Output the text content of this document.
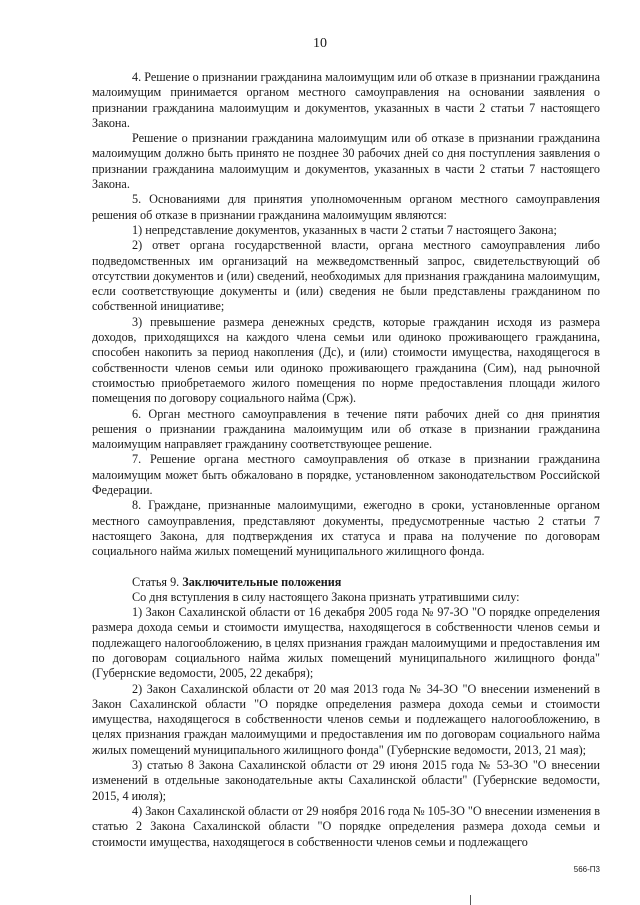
10

4. Решение о признании гражданина малоимущим или об отказе в признании гражданина малоимущим принимается органом местного самоуправления на основании заявления о признании гражданина малоимущим и документов, указанных в части 2 статьи 7 настоящего Закона.

Решение о признании гражданина малоимущим или об отказе в признании гражданина малоимущим должно быть принято не позднее 30 рабочих дней со дня поступления заявления о признании гражданина малоимущим и документов, указанных в части 2 статьи 7 настоящего Закона.

5. Основаниями для принятия уполномоченным органом местного самоуправления решения об отказе в признании гражданина малоимущим являются:

1) непредставление документов, указанных в части 2 статьи 7 настоящего Закона;

2) ответ органа государственной власти, органа местного самоуправления либо подведомственных им организаций на межведомственный запрос, свидетельствующий об отсутствии документов и (или) сведений, необходимых для признания гражданина малоимущим, если соответствующие документы и (или) сведения не были представлены гражданином по собственной инициативе;

3) превышение размера денежных средств, которые гражданин исходя из размера доходов, приходящихся на каждого члена семьи или одиноко проживающего гражданина, способен накопить за период накопления (Дс), и (или) стоимости имущества, находящегося в собственности членов семьи или одиноко проживающего гражданина (Сим), над рыночной стоимостью приобретаемого жилого помещения по норме предоставления площади жилого помещения по договору социального найма (Срж).

6. Орган местного самоуправления в течение пяти рабочих дней со дня принятия решения о признании гражданина малоимущим или об отказе в признании гражданина малоимущим направляет гражданину соответствующее решение.

7. Решение органа местного самоуправления об отказе в признании гражданина малоимущим может быть обжаловано в порядке, установленном законодательством Российской Федерации.

8. Граждане, признанные малоимущими, ежегодно в сроки, установленные органом местного самоуправления, представляют документы, предусмотренные частью 2 статьи 7 настоящего Закона, для подтверждения их статуса и права на получение по договорам социального найма жилых помещений муниципального жилищного фонда.

Статья 9. Заключительные положения

Со дня вступления в силу настоящего Закона признать утратившими силу:

1) Закон Сахалинской области от 16 декабря 2005 года № 97-ЗО "О порядке определения размера дохода семьи и стоимости имущества, находящегося в собственности членов семьи и подлежащего налогообложению, в целях признания граждан малоимущими и предоставления им по договорам социального найма жилых помещений муниципального жилищного фонда" (Губернские ведомости, 2005, 22 декабря);

2) Закон Сахалинской области от 20 мая 2013 года № 34-ЗО "О внесении изменений в Закон Сахалинской области "О порядке определения размера дохода семьи и стоимости имущества, находящегося в собственности членов семьи и подлежащего налогообложению, в целях признания граждан малоимущими и предоставления им по договорам социального найма жилых помещений муниципального жилищного фонда" (Губернские ведомости, 2013, 21 мая);

3) статью 8 Закона Сахалинской области от 29 июня 2015 года № 53-ЗО "О внесении изменений в отдельные законодательные акты Сахалинской области" (Губернские ведомости, 2015, 4 июля);

4) Закон Сахалинской области от 29 ноября 2016 года № 105-ЗО "О внесении изменения в статью 2 Закона Сахалинской области "О порядке определения размера дохода семьи и стоимости имущества, находящегося в собственности членов семьи и подлежащего

566-П3
